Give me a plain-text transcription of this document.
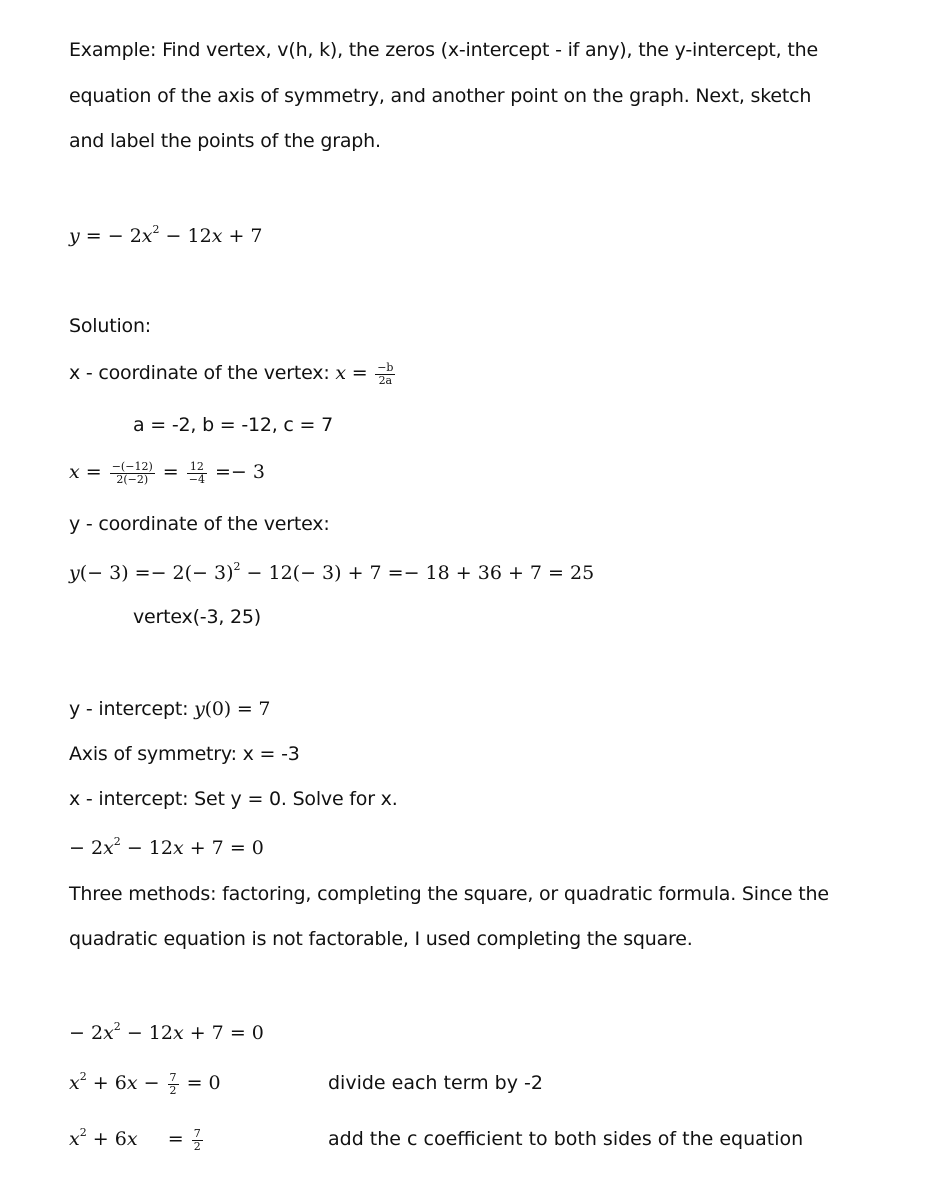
Example: Find vertex, v(h, k), the zeros (x-intercept - if any), the y-intercept, the
equation of the axis of symmetry, and another point on the graph. Next, sketch
and label the points of the graph.
y = − $2x^2 - 12x + 7$
Solution:
x - coordinate of the vertex: $x = \frac{-b}{2a}$
a = -2, b = -12, c = 7
$x = \frac{-(-12)}{2(-2)} = \frac{12}{-4} =- 3$
y - coordinate of the vertex:
$y(- 3) =- 2(- 3)^2 - 12(- 3) + 7 =- 18 + 36 + 7 = 25$
vertex(-3, 25)
y - intercept: y(0) = 7
Axis of symmetry: x = -3
x - intercept: Set y = 0. Solve for x.
− $2x^2 - 12x + 7 = 0$
Three methods: factoring, completing the square, or quadratic formula. Since the
quadratic equation is not factorable, I used completing the square.
− $2x^2 - 12x + 7 = 0$
$x^2 + 6x - \frac{7}{2} = 0$	divide each term by -2
$x^2 + 6x$     = $\frac{7}{2}$	add the c coefficient to both sides of the equation
